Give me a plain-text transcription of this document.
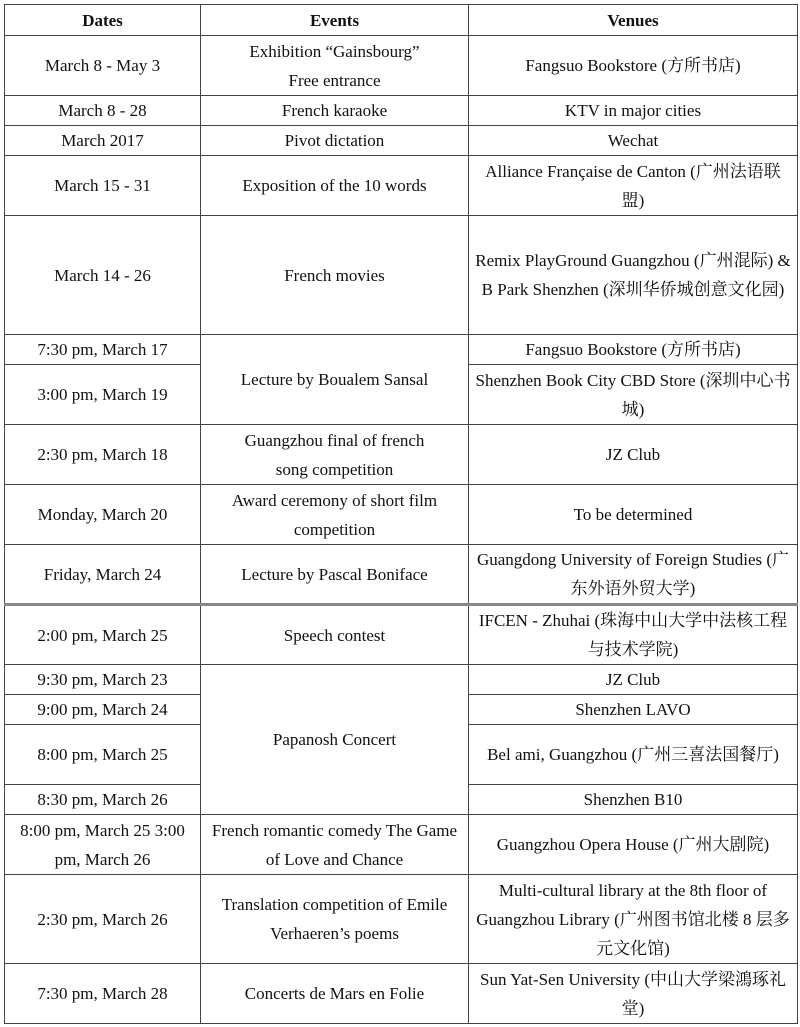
Dates	Events	Venues
March 8 - May 3	Exhibition “Gainsbourg” Free entrance	Fangsuo Bookstore (方所书店)
March 8 - 28	French karaoke	KTV in major cities
March 2017	Pivot dictation	Wechat
March 15 - 31	Exposition of the 10 words	Alliance Française de Canton (广州法语联盟)
March 14 - 26	French movies	Remix PlayGround Guangzhou (广州混际) & B Park Shenzhen (深圳华侨城创意文化园)
7:30 pm, March 17	Lecture by Boualem Sansal	Fangsuo Bookstore (方所书店)
3:00 pm, March 19		Shenzhen Book City CBD Store (深圳中心书城)
2:30 pm, March 18	Guangzhou final of french song competition	JZ Club
Monday, March 20	Award ceremony of short film competition	To be determined
Friday, March 24	Lecture by Pascal Boniface	Guangdong University of Foreign Studies (广东外语外贸大学)
2:00 pm, March 25	Speech contest	IFCEN - Zhuhai (珠海中山大学中法核工程与技术学院)
9:30 pm, March 23	Papanosh Concert	JZ Club
9:00 pm, March 24		Shenzhen LAVO
8:00 pm, March 25		Bel ami, Guangzhou (广州三喜法国餐厅)
8:30 pm, March 26		Shenzhen B10
8:00 pm, March 25 3:00 pm, March 26	French romantic comedy The Game of Love and Chance	Guangzhou Opera House (广州大剧院)
2:30 pm, March 26	Translation competition of Emile Verhaeren’s poems	Multi-cultural library at the 8th floor of Guangzhou Library (广州图书馆北楼 8 层多元文化馆)
7:30 pm, March 28	Concerts de Mars en Folie	Sun Yat-Sen University (中山大学梁鴻琢礼堂)
